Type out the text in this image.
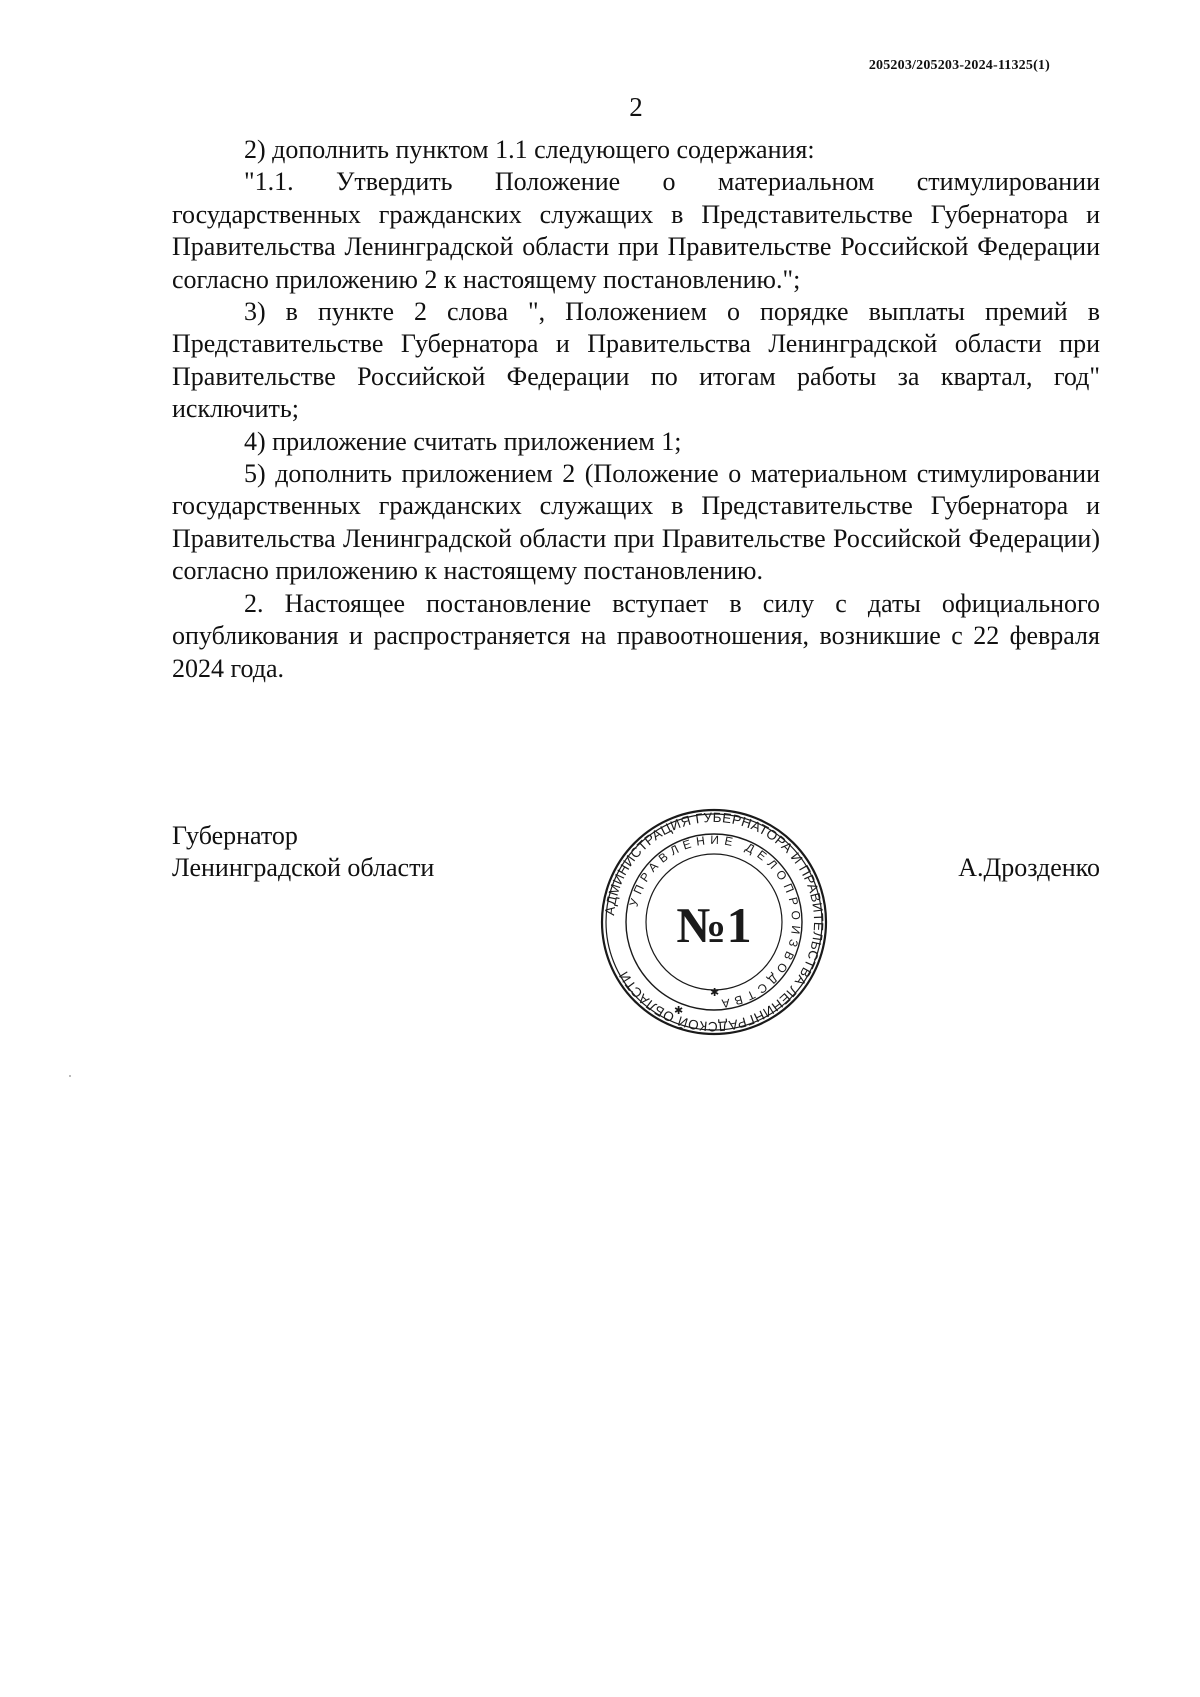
205203/205203-2024-11325(1)
2

2) дополнить пунктом 1.1 следующего содержания:

"1.1. Утвердить Положение о материальном стимулировании государственных гражданских служащих в Представительстве Губернатора и Правительства Ленинградской области при Правительстве Российской Федерации согласно приложению 2 к настоящему постановлению.";

3) в пункте 2 слова ", Положением о порядке выплаты премий в Представительстве Губернатора и Правительства Ленинградской области при Правительстве Российской Федерации по итогам работы за квартал, год" исключить;

4) приложение считать приложением 1;

5) дополнить приложением 2 (Положение о материальном стимулировании государственных гражданских служащих в Представительстве Губернатора и Правительства Ленинградской области при Правительстве Российской Федерации) согласно приложению к настоящему постановлению.

2. Настоящее постановление вступает в силу с даты официального опубликования и распространяется на правоотношения, возникшие с 22 февраля 2024 года.

Губернатор
Ленинградской области	А.Дрозденко
АДМИНИСТРАЦИЯ ГУБЕРНАТОРА И ПРАВИТЕЛЬСТВА ЛЕНИНГРАДСКОЙ ОБЛАСТИ
УПРАВЛЕНИЕ ДЕЛОПРОИЗВОДСТВА
✱
✱
№1
